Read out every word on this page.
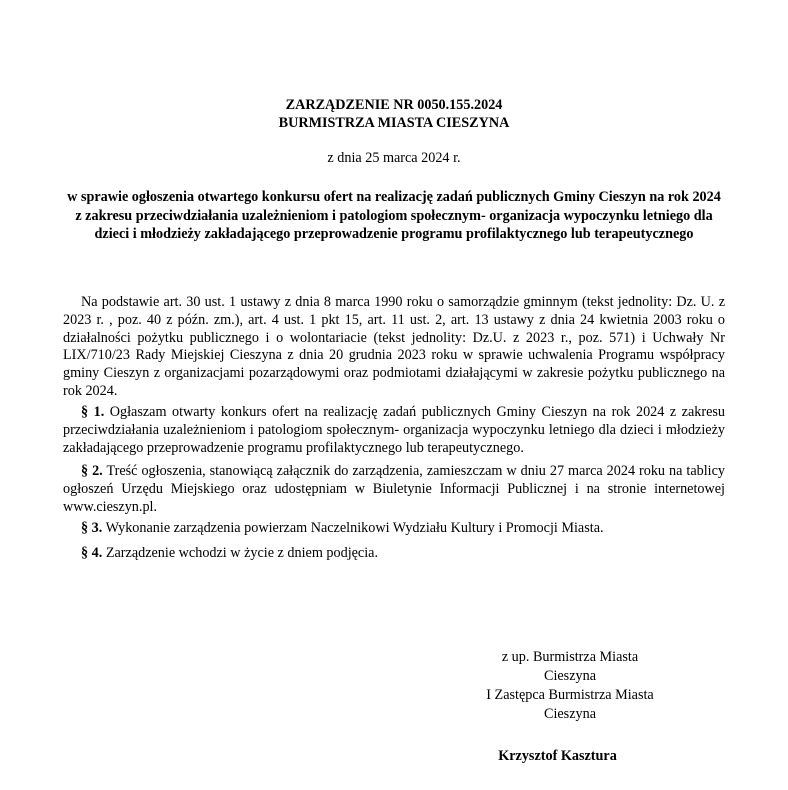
ZARZĄDZENIE NR 0050.155.2024
BURMISTRZA MIASTA CIESZYNA
z dnia 25 marca 2024 r.
w sprawie ogłoszenia otwartego konkursu ofert na realizację zadań publicznych Gminy Cieszyn na rok 2024 z zakresu przeciwdziałania uzależnieniom i patologiom społecznym- organizacja wypoczynku letniego dla dzieci i młodzieży zakładającego przeprowadzenie programu profilaktycznego lub terapeutycznego
Na podstawie art. 30 ust. 1 ustawy z dnia 8 marca 1990 roku o samorządzie gminnym (tekst jednolity: Dz. U. z 2023 r. , poz. 40 z późn. zm.), art. 4 ust. 1 pkt 15, art. 11 ust. 2, art. 13 ustawy z dnia 24 kwietnia 2003 roku o działalności pożytku publicznego i o wolontariacie (tekst jednolity: Dz.U. z 2023 r., poz. 571) i Uchwały Nr LIX/710/23 Rady Miejskiej Cieszyna z dnia 20 grudnia 2023 roku w sprawie uchwalenia Programu współpracy gminy Cieszyn z organizacjami pozarządowymi oraz podmiotami działającymi w zakresie pożytku publicznego na rok 2024.
§ 1. Ogłaszam otwarty konkurs ofert na realizację zadań publicznych Gminy Cieszyn na rok 2024 z zakresu przeciwdziałania uzależnieniom i patologiom społecznym- organizacja wypoczynku letniego dla dzieci i młodzieży zakładającego przeprowadzenie programu profilaktycznego lub terapeutycznego.
§ 2. Treść ogłoszenia, stanowiącą załącznik do zarządzenia, zamieszczam w dniu 27 marca 2024 roku na tablicy ogłoszeń Urzędu Miejskiego oraz udostępniam w Biuletynie Informacji Publicznej i na stronie internetowej www.cieszyn.pl.
§ 3. Wykonanie zarządzenia powierzam Naczelnikowi Wydziału Kultury i Promocji Miasta.
§ 4. Zarządzenie wchodzi w życie z dniem podjęcia.
z up. Burmistrza Miasta
Cieszyna
I Zastępca Burmistrza Miasta
Cieszyna
Krzysztof Kasztura
